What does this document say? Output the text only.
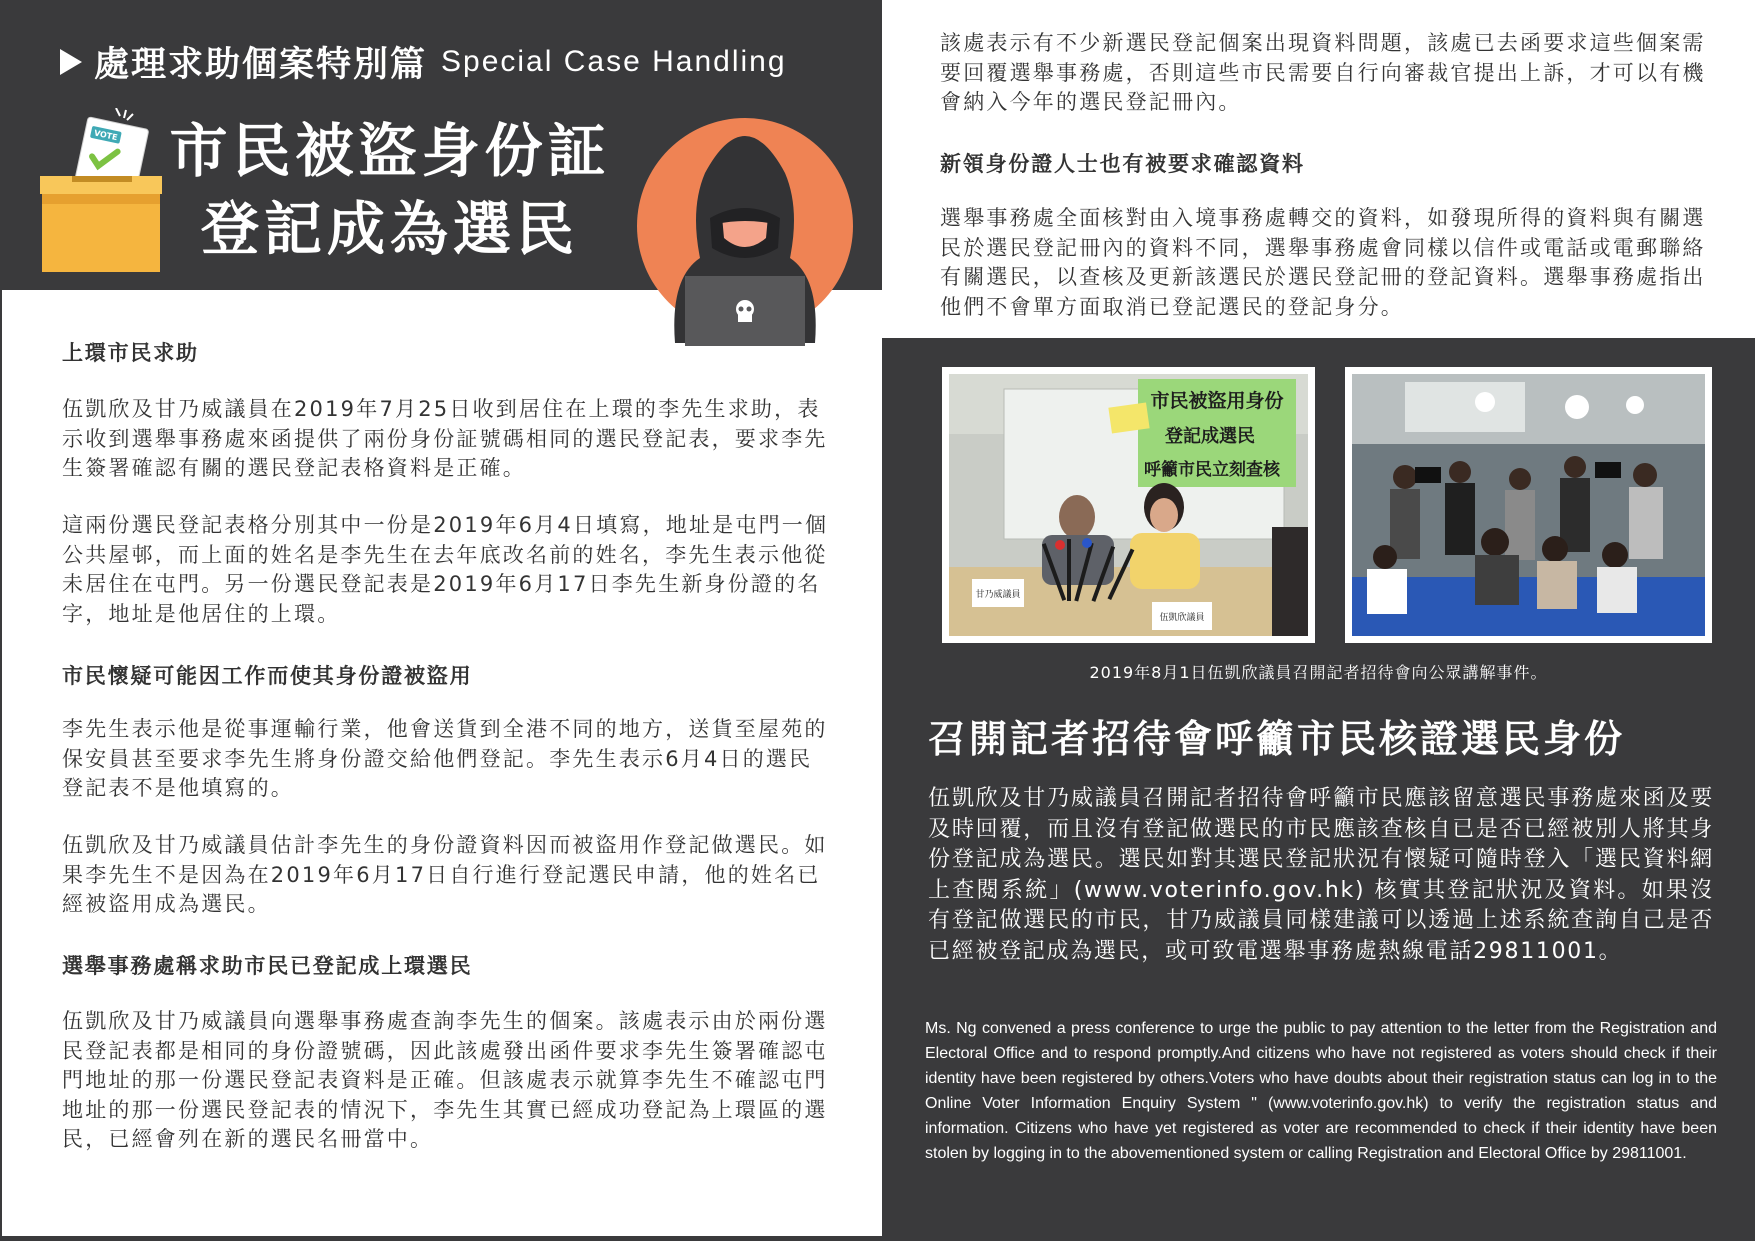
處理求助個案特別篇 Special Case Handling
市民被盜身份証
登記成為選民
VOTE
上環市民求助
伍凱欣及甘乃威議員在2019年7月25日收到居住在上環的李先生求助，表示收到選舉事務處來函提供了兩份身份証號碼相同的選民登記表，要求李先生簽署確認有關的選民登記表格資料是正確。
這兩份選民登記表格分別其中一份是2019年6月4日填寫，地址是屯門一個公共屋邨，而上面的姓名是李先生在去年底改名前的姓名，李先生表示他從未居住在屯門。另一份選民登記表是2019年6月17日李先生新身份證的名字，地址是他居住的上環。
市民懷疑可能因工作而使其身份證被盜用
李先生表示他是從事運輸行業，他會送貨到全港不同的地方，送貨至屋苑的保安員甚至要求李先生將身份證交給他們登記。李先生表示6月4日的選民登記表不是他填寫的。
伍凱欣及甘乃威議員估計李先生的身份證資料因而被盜用作登記做選民。如果李先生不是因為在2019年6月17日自行進行登記選民申請，他的姓名已經被盜用成為選民。
選舉事務處稱求助市民已登記成上環選民
伍凱欣及甘乃威議員向選舉事務處查詢李先生的個案。該處表示由於兩份選民登記表都是相同的身份證號碼，因此該處發出函件要求李先生簽署確認屯門地址的那一份選民登記表資料是正確。但該處表示就算李先生不確認屯門地址的那一份選民登記表的情況下，李先生其實已經成功登記為上環區的選民，已經會列在新的選民名冊當中。
該處表示有不少新選民登記個案出現資料問題，該處已去函要求這些個案需要回覆選舉事務處，否則這些市民需要自行向審裁官提出上訴，才可以有機會納入今年的選民登記冊內。
新領身份證人士也有被要求確認資料
選舉事務處全面核對由入境事務處轉交的資料，如發現所得的資料與有關選民於選民登記冊內的資料不同，選舉事務處會同樣以信件或電話或電郵聯絡有關選民，以查核及更新該選民於選民登記冊的登記資料。選舉事務處指出他們不會單方面取消已登記選民的登記身分。
市民被盜用身份
登記成選民
呼籲市民立刻查核
甘乃威議員
伍凱欣議員
2019年8月1日伍凱欣議員召開記者招待會向公眾講解事件。
召開記者招待會呼籲市民核證選民身份
伍凱欣及甘乃威議員召開記者招待會呼籲市民應該留意選民事務處來函及要及時回覆，而且沒有登記做選民的市民應該查核自已是否已經被別人將其身份登記成為選民。選民如對其選民登記狀況有懷疑可隨時登入「選民資料網上查閱系統」(www.voterinfo.gov.hk) 核實其登記狀況及資料。如果沒有登記做選民的市民，甘乃威議員同樣建議可以透過上述系統查詢自己是否已經被登記成為選民，或可致電選舉事務處熱線電話29811001。
Ms. Ng convened a press conference to urge the public to pay attention to the letter from the Registration and Electoral Office and to respond promptly.And citizens who have not registered as voters should check if their identity have been registered by others.Voters who have doubts about their registration status can log in to the Online Voter Information Enquiry System " (www.voterinfo.gov.hk) to verify the registration status and information. Citizens who have yet registered as voter are recommended to check if their identity have been stolen by logging in to the abovementioned system or calling Registration and Electoral Office by 29811001.
